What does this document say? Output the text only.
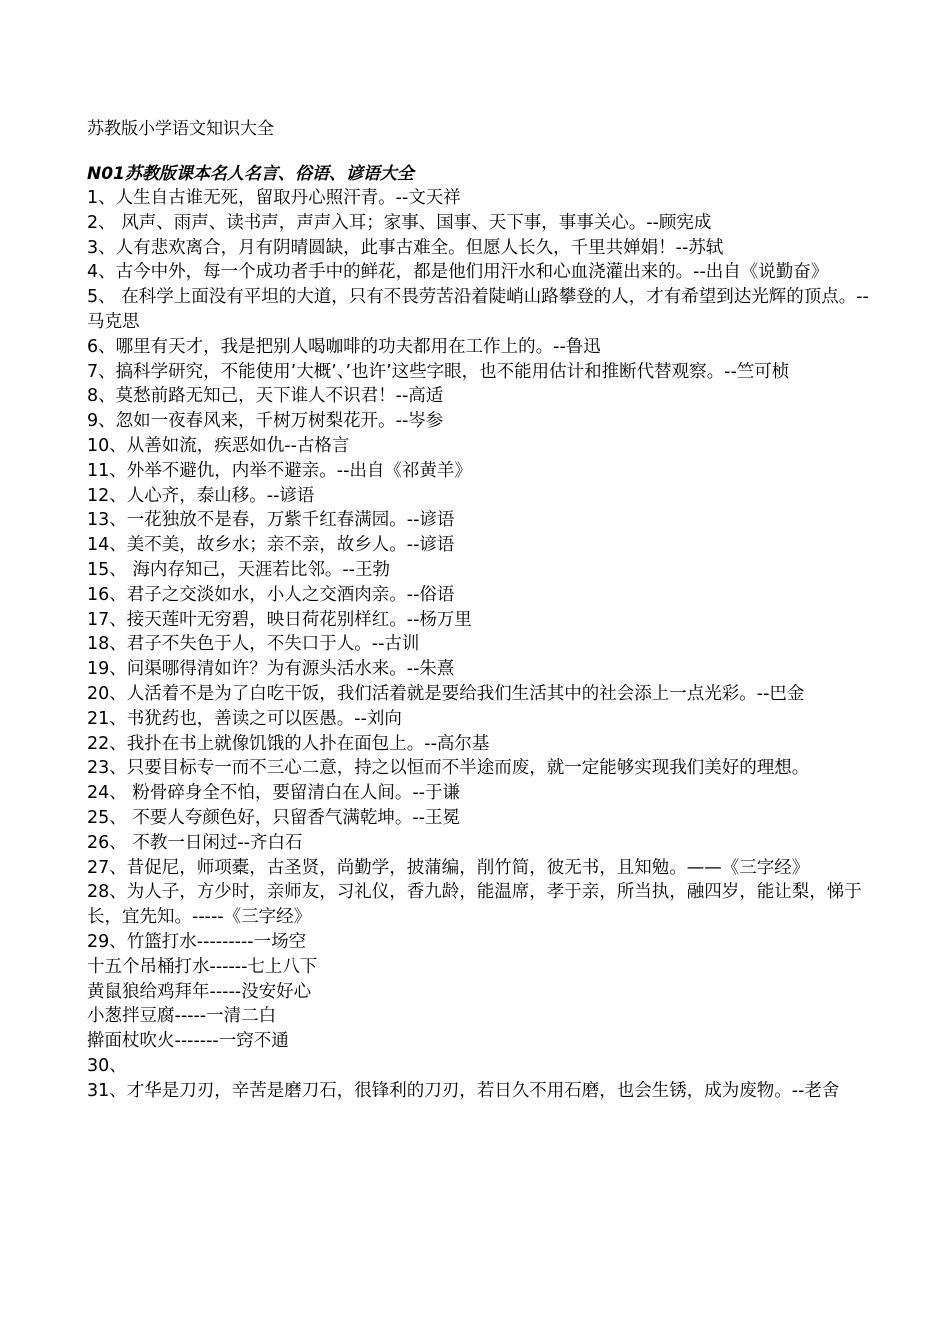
苏教版小学语文知识大全
N01苏教版课本名人名言、俗语、谚语大全

1、人生自古谁无死，留取丹心照汗青。--文天祥

2、 风声、雨声、读书声，声声入耳；家事、国事、天下事，事事关心。--顾宪成

3、人有悲欢离合，月有阴晴圆缺，此事古难全。但愿人长久，千里共婵娟！--苏轼

4、古今中外，每一个成功者手中的鲜花，都是他们用汗水和心血浇灌出来的。--出自《说勤奋》

5、 在科学上面没有平坦的大道，只有不畏劳苦沿着陡峭山路攀登的人，才有希望到达光辉的顶点。--马克思

6、哪里有天才，我是把别人喝咖啡的功夫都用在工作上的。--鲁迅

7、搞科学研究，不能使用’大概’、’也许’这些字眼，也不能用估计和推断代替观察。--竺可桢

8、莫愁前路无知己，天下谁人不识君！--高适

9、忽如一夜春风来，千树万树梨花开。--岑参

10、从善如流，疾恶如仇--古格言

11、外举不避仇，内举不避亲。--出自《祁黄羊》

12、人心齐，泰山移。--谚语

13、一花独放不是春，万紫千红春满园。--谚语

14、美不美，故乡水；亲不亲，故乡人。--谚语

15、 海内存知己，天涯若比邻。--王勃

16、君子之交淡如水，小人之交酒肉亲。--俗语

17、接天莲叶无穷碧，映日荷花别样红。--杨万里

18、君子不失色于人，不失口于人。--古训

19、问渠哪得清如许？为有源头活水来。--朱熹

20、人活着不是为了白吃干饭，我们活着就是要给我们生活其中的社会添上一点光彩。--巴金

21、书犹药也，善读之可以医愚。--刘向

22、我扑在书上就像饥饿的人扑在面包上。--高尔基

23、只要目标专一而不三心二意，持之以恒而不半途而废，就一定能够实现我们美好的理想。

24、 粉骨碎身全不怕，要留清白在人间。--于谦

25、 不要人夸颜色好，只留香气满乾坤。--王冕

26、 不教一日闲过--齐白石

27、昔促尼，师项橐，古圣贤，尚勤学，披蒲编，削竹简，彼无书，且知勉。——《三字经》

28、为人子，方少时，亲师友，习礼仪，香九龄，能温席，孝于亲，所当执，融四岁，能让梨，悌于长，宜先知。-----《三字经》

29、竹篮打水---------一场空

十五个吊桶打水------七上八下

黄鼠狼给鸡拜年-----没安好心

小葱拌豆腐-----一清二白

擀面杖吹火-------一窍不通

30、

31、才华是刀刃，辛苦是磨刀石，很锋利的刀刃，若日久不用石磨，也会生锈，成为废物。--老舍
